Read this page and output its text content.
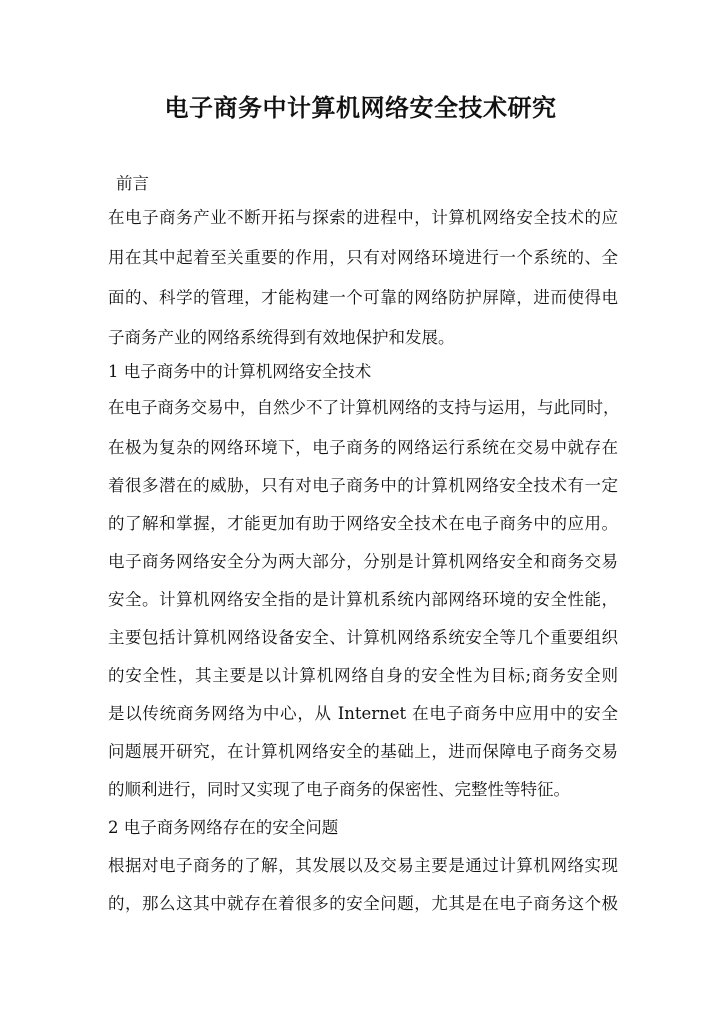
电子商务中计算机网络安全技术研究
前言
在电子商务产业不断开拓与探索的进程中，计算机网络安全技术的应
用在其中起着至关重要的作用，只有对网络环境进行一个系统的、全
面的、科学的管理，才能构建一个可靠的网络防护屏障，进而使得电
子商务产业的网络系统得到有效地保护和发展。
1 电子商务中的计算机网络安全技术
在电子商务交易中，自然少不了计算机网络的支持与运用，与此同时，
在极为复杂的网络环境下，电子商务的网络运行系统在交易中就存在
着很多潜在的威胁，只有对电子商务中的计算机网络安全技术有一定
的了解和掌握，才能更加有助于网络安全技术在电子商务中的应用。
电子商务网络安全分为两大部分，分别是计算机网络安全和商务交易
安全。计算机网络安全指的是计算机系统内部网络环境的安全性能，
主要包括计算机网络设备安全、计算机网络系统安全等几个重要组织
的安全性，其主要是以计算机网络自身的安全性为目标;商务安全则
是以传统商务网络为中心，从 Internet 在电子商务中应用中的安全
问题展开研究，在计算机网络安全的基础上，进而保障电子商务交易
的顺利进行，同时又实现了电子商务的保密性、完整性等特征。
2 电子商务网络存在的安全问题
根据对电子商务的了解，其发展以及交易主要是通过计算机网络实现
的，那么这其中就存在着很多的安全问题，尤其是在电子商务这个极
